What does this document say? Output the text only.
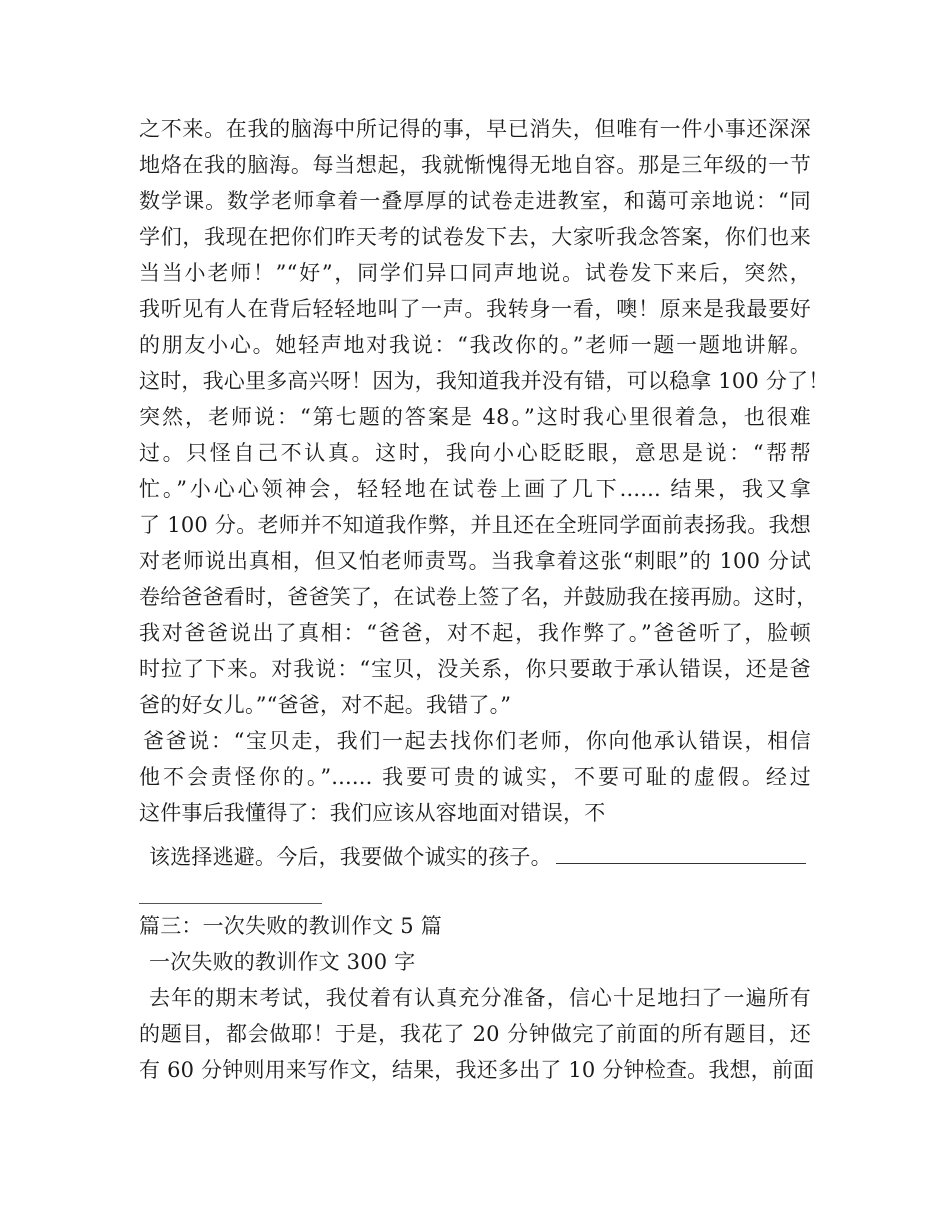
之不来。在我的脑海中所记得的事，早已消失，但唯有一件小事还深深
地烙在我的脑海。每当想起，我就惭愧得无地自容。那是三年级的一节
数学课。数学老师拿着一叠厚厚的试卷走进教室，和蔼可亲地说：“同
学们，我现在把你们昨天考的试卷发下去，大家听我念答案，你们也来
当当小老师！”“好”，同学们异口同声地说。试卷发下来后，突然，
我听见有人在背后轻轻地叫了一声。我转身一看，噢！原来是我最要好
的朋友小心。她轻声地对我说：“我改你的。”老师一题一题地讲解。
这时，我心里多高兴呀！因为，我知道我并没有错，可以稳拿 100 分了！
突然，老师说：“第七题的答案是 48。”这时我心里很着急，也很难
过。只怪自己不认真。这时，我向小心眨眨眼，意思是说：“帮帮
忙。”小心心领神会，轻轻地在试卷上画了几下...... 结果，我又拿
了 100 分。老师并不知道我作弊，并且还在全班同学面前表扬我。我想
对老师说出真相，但又怕老师责骂。当我拿着这张“刺眼”的 100 分试
卷给爸爸看时，爸爸笑了，在试卷上签了名，并鼓励我在接再励。这时，
我对爸爸说出了真相：“爸爸，对不起，我作弊了。”爸爸听了，脸顿
时拉了下来。对我说：“宝贝，没关系，你只要敢于承认错误，还是爸
爸的好女儿。”“爸爸，对不起。我错了。”
爸爸说：“宝贝走，我们一起去找你们老师，你向他承认错误，相信
他不会责怪你的。”...... 我要可贵的诚实，不要可耻的虚假。经过
这件事后我懂得了：我们应该从容地面对错误，不
该选择逃避。今后，我要做个诚实的孩子。
篇三：一次失败的教训作文 5 篇
一次失败的教训作文 300 字
去年的期末考试，我仗着有认真充分准备，信心十足地扫了一遍所有
的题目，都会做耶！于是，我花了 20 分钟做完了前面的所有题目，还
有 60 分钟则用来写作文，结果，我还多出了 10 分钟检查。我想，前面
